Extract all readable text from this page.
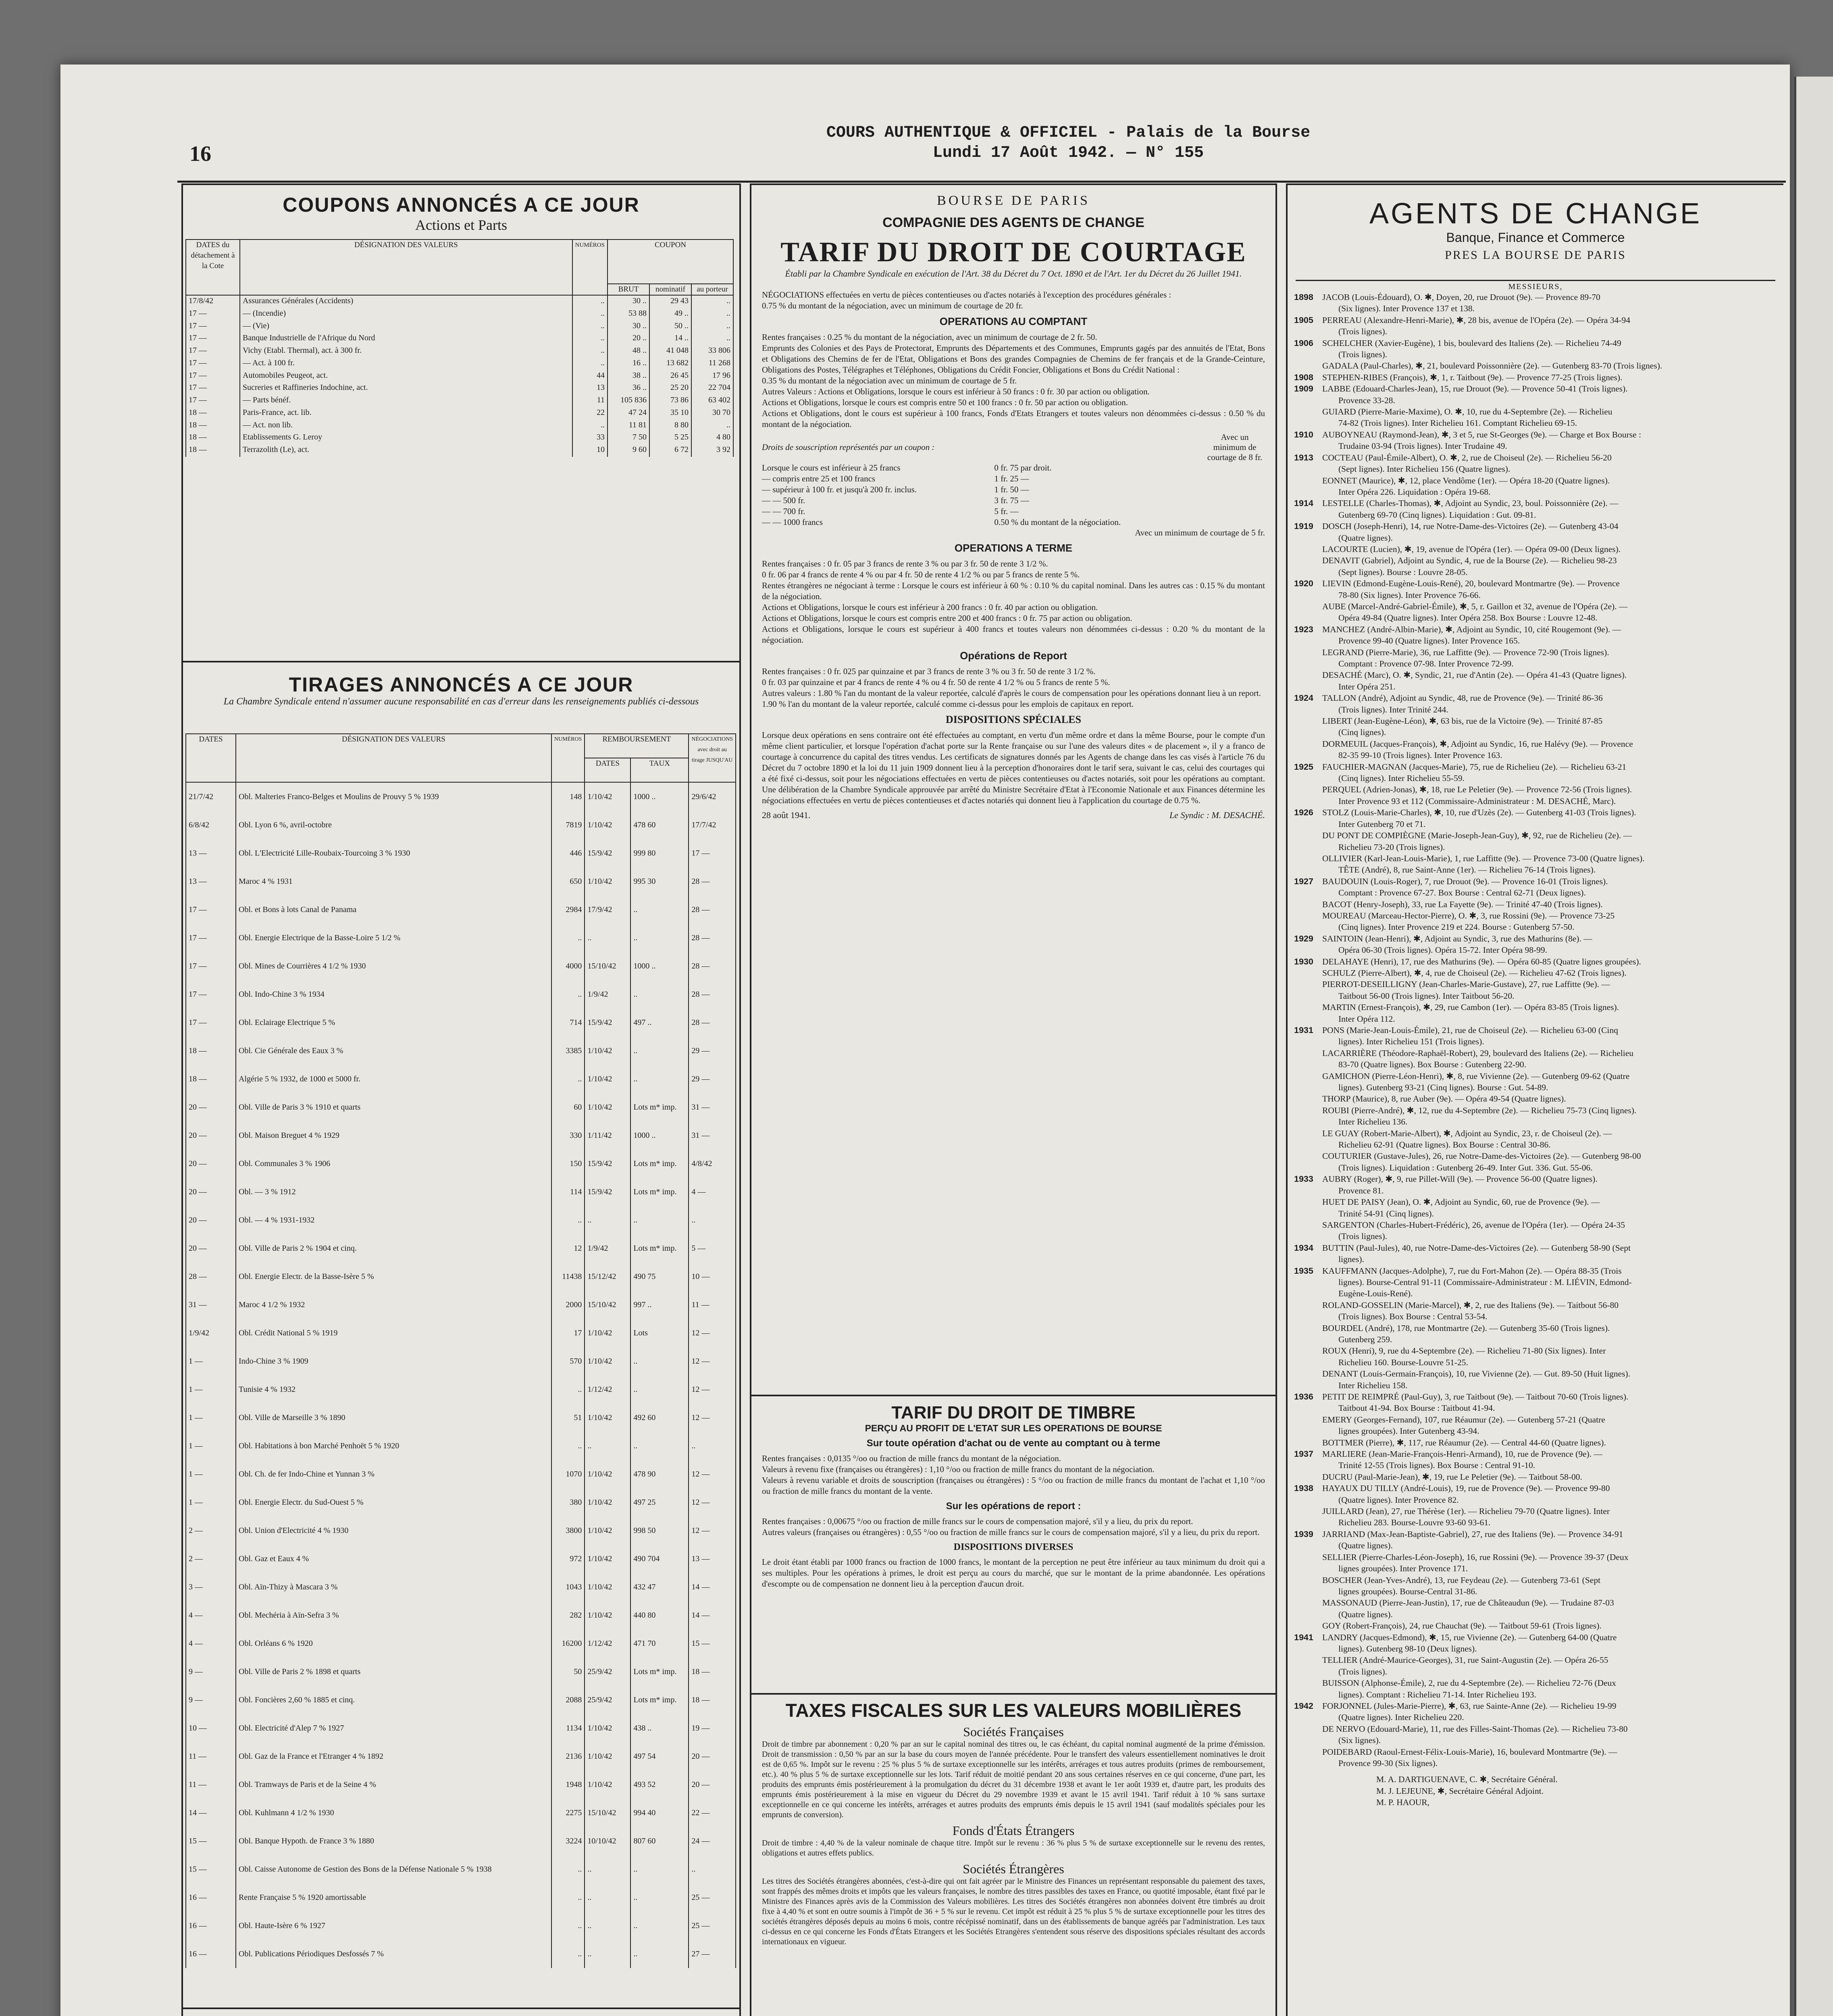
16
COURS AUTHENTIQUE & OFFICIEL - Palais de la Bourse
Lundi 17 Août 1942. — N° 155
COUPONS ANNONCÉS A CE JOUR
Actions et Parts
DATES du détachement à la Cote	DÉSIGNATION DES VALEURS	NUMÉROS	COUPON		
			BRUT	nominatif	au porteur
17/8/42	Assurances Générales (Accidents)	..	30 ..	29 43	..
17 —	— (Incendie)	..	53 88	49 ..	..
17 —	— (Vie)	..	30 ..	50 ..	..
17 —	Banque Industrielle de l'Afrique du Nord	..	20 ..	14 ..	..
17 —	Vichy (Etabl. Thermal), act. à 300 fr.	..	48 ..	41 048	33 806
17 —	— Act. à 100 fr.	..	16 ..	13 682	11 268
17 —	Automobiles Peugeot, act.	44	38 ..	26 45	17 96
17 —	Sucreries et Raffineries Indochine, act.	13	36 ..	25 20	22 704
17 —	— Parts bénéf.	11	105 836	73 86	63 402
18 —	Paris-France, act. lib.	22	47 24	35 10	30 70
18 —	— Act. non lib.	..	11 81	8 80	..
18 —	Etablissements G. Leroy	33	7 50	5 25	4 80
18 —	Terrazolith (Le), act.	10	9 60	6 72	3 92
TIRAGES ANNONCÉS A CE JOUR
La Chambre Syndicale entend n'assumer aucune responsabilité en cas d'erreur dans les renseignements publiés ci-dessous
DATES	DÉSIGNATION DES VALEURS	NUMÉROS	REMBOURSEMENT		NÉGOCIATIONS avec droit au tirage JUSQU'AU
			DATES	TAUX	
21/7/42	Obl. Malteries Franco-Belges et Moulins de Prouvy 5 % 1939	148	1/10/42	1000 ..	29/6/42
6/8/42	Obl. Lyon 6 %, avril-octobre	7819	1/10/42	478 60	17/7/42
13 —	Obl. L'Electricité Lille-Roubaix-Tourcoing 3 % 1930	446	15/9/42	999 80	17 —
13 —	Maroc 4 % 1931	650	1/10/42	995 30	28 —
17 —	Obl. et Bons à lots Canal de Panama	2984	17/9/42	..	28 —
17 —	Obl. Energie Electrique de la Basse-Loire 5 1/2 %	..	..	..	28 —
17 —	Obl. Mines de Courrières 4 1/2 % 1930	4000	15/10/42	1000 ..	28 —
17 —	Obl. Indo-Chine 3 % 1934	..	1/9/42	..	28 —
17 —	Obl. Eclairage Electrique 5 %	714	15/9/42	497 ..	28 —
18 —	Obl. Cie Générale des Eaux 3 %	3385	1/10/42	..	29 —
18 —	Algérie 5 % 1932, de 1000 et 5000 fr.	..	1/10/42	..	29 —
20 —	Obl. Ville de Paris 3 % 1910 et quarts	60	1/10/42	Lots m* imp.	31 —
20 —	Obl. Maison Breguet 4 % 1929	330	1/11/42	1000 ..	31 —
20 —	Obl. Communales 3 % 1906	150	15/9/42	Lots m* imp.	4/8/42
20 —	Obl. — 3 % 1912	114	15/9/42	Lots m* imp.	4 —
20 —	Obl. — 4 % 1931-1932	..	..	..	..
20 —	Obl. Ville de Paris 2 % 1904 et cinq.	12	1/9/42	Lots m* imp.	5 —
28 —	Obl. Energie Electr. de la Basse-Isère 5 %	11438	15/12/42	490 75	10 —
31 —	Maroc 4 1/2 % 1932	2000	15/10/42	997 ..	11 —
1/9/42	Obl. Crédit National 5 % 1919	17	1/10/42	Lots	12 —
1 —	Indo-Chine 3 % 1909	570	1/10/42	..	12 —
1 —	Tunisie 4 % 1932	..	1/12/42	..	12 —
1 —	Obl. Ville de Marseille 3 % 1890	51	1/10/42	492 60	12 —
1 —	Obl. Habitations à bon Marché Penhoët 5 % 1920	..	..	..	..
1 —	Obl. Ch. de fer Indo-Chine et Yunnan 3 %	1070	1/10/42	478 90	12 —
1 —	Obl. Energie Electr. du Sud-Ouest 5 %	380	1/10/42	497 25	12 —
2 —	Obl. Union d'Electricité 4 % 1930	3800	1/10/42	998 50	12 —
2 —	Obl. Gaz et Eaux 4 %	972	1/10/42	490 704	13 —
3 —	Obl. Aïn-Thizy à Mascara 3 %	1043	1/10/42	432 47	14 —
4 —	Obl. Mechéria à Aïn-Sefra 3 %	282	1/10/42	440 80	14 —
4 —	Obl. Orléans 6 % 1920	16200	1/12/42	471 70	15 —
9 —	Obl. Ville de Paris 2 % 1898 et quarts	50	25/9/42	Lots m* imp.	18 —
9 —	Obl. Foncières 2,60 % 1885 et cinq.	2088	25/9/42	Lots m* imp.	18 —
10 —	Obl. Electricité d'Alep 7 % 1927	1134	1/10/42	438 ..	19 —
11 —	Obl. Gaz de la France et l'Etranger 4 % 1892	2136	1/10/42	497 54	20 —
11 —	Obl. Tramways de Paris et de la Seine 4 %	1948	1/10/42	493 52	20 —
14 —	Obl. Kuhlmann 4 1/2 % 1930	2275	15/10/42	994 40	22 —
15 —	Obl. Banque Hypoth. de France 3 % 1880	3224	10/10/42	807 60	24 —
15 —	Obl. Caisse Autonome de Gestion des Bons de la Défense Nationale 5 % 1938	..	..	..	..
16 —	Rente Française 5 % 1920 amortissable	..	..	..	25 —
16 —	Obl. Haute-Isère 6 % 1927	..	..	..	25 —
16 —	Obl. Publications Périodiques Desfossés 7 %	..	..	..	27 —
BOURSE DE PARIS
COMPAGNIE DES AGENTS DE CHANGE
TARIF DU DROIT DE COURTAGE
Établi par la Chambre Syndicale en exécution de l'Art. 38 du Décret du 7 Oct. 1890 et de l'Art. 1er du Décret du 26 Juillet 1941.
NÉGOCIATIONS effectuées en vertu de pièces contentieuses ou d'actes notariés à l'exception des procédures générales :
0.75 % du montant de la négociation, avec un minimum de courtage de 20 fr.
OPERATIONS AU COMPTANT
Rentes françaises : 0.25 % du montant de la négociation, avec un minimum de courtage de 2 fr. 50.
Emprunts des Colonies et des Pays de Protectorat, Emprunts des Départements et des Communes, Emprunts gagés par des annuités de l'Etat, Bons et Obligations des Chemins de fer de l'Etat, Obligations et Bons des grandes Compagnies de Chemins de fer français et de la Grande-Ceinture, Obligations des Postes, Télégraphes et Téléphones, Obligations du Crédit Foncier, Obligations et Bons du Crédit National :
0.35 % du montant de la négociation avec un minimum de courtage de 5 fr.
Autres Valeurs : Actions et Obligations, lorsque le cours est inférieur à 50 francs : 0 fr. 30 par action ou obligation.
Actions et Obligations, lorsque le cours est compris entre 50 et 100 francs : 0 fr. 50 par action ou obligation.
Actions et Obligations, dont le cours est supérieur à 100 francs, Fonds d'Etats Etrangers et toutes valeurs non dénommées ci-dessus : 0.50 % du montant de la négociation.
Droits de souscription représentés par un coupon :
Avec un minimum de courtage de 8 fr.
Lorsque le cours est inférieur à 25 francs	0 fr. 75 par droit.
— compris entre 25 et 100 francs	1 fr. 25 —
— supérieur à 100 fr. et jusqu'à 200 fr. inclus.	1 fr. 50 —
— — 500 fr.	3 fr. 75 —
— — 700 fr.	5 fr. —
— — 1000 francs	0.50 % du montant de la négociation.
Avec un minimum de courtage de 5 fr.
OPERATIONS A TERME
Rentes françaises : 0 fr. 05 par 3 francs de rente 3 % ou par 3 fr. 50 de rente 3 1/2 %.
0 fr. 06 par 4 francs de rente 4 % ou par 4 fr. 50 de rente 4 1/2 % ou par 5 francs de rente 5 %.
Rentes étrangères ne négociant à terme : Lorsque le cours est inférieur à 60 % : 0.10 % du capital nominal. Dans les autres cas : 0.15 % du montant de la négociation.
Actions et Obligations, lorsque le cours est inférieur à 200 francs : 0 fr. 40 par action ou obligation.
Actions et Obligations, lorsque le cours est compris entre 200 et 400 francs : 0 fr. 75 par action ou obligation.
Actions et Obligations, lorsque le cours est supérieur à 400 francs et toutes valeurs non dénommées ci-dessus : 0.20 % du montant de la négociation.
Opérations de Report
Rentes françaises : 0 fr. 025 par quinzaine et par 3 francs de rente 3 % ou 3 fr. 50 de rente 3 1/2 %.
0 fr. 03 par quinzaine et par 4 francs de rente 4 % ou 4 fr. 50 de rente 4 1/2 % ou 5 francs de rente 5 %.
Autres valeurs : 1.80 % l'an du montant de la valeur reportée, calculé d'après le cours de compensation pour les opérations donnant lieu à un report.
1.90 % l'an du montant de la valeur reportée, calculé comme ci-dessus pour les emplois de capitaux en report.
DISPOSITIONS SPÉCIALES
Lorsque deux opérations en sens contraire ont été effectuées au comptant, en vertu d'un même ordre et dans la même Bourse, pour le compte d'un même client particulier, et lorsque l'opération d'achat porte sur la Rente française ou sur l'une des valeurs dites « de placement », il y a franco de courtage à concurrence du capital des titres vendus. Les certificats de signatures donnés par les Agents de change dans les cas visés à l'article 76 du Décret du 7 octobre 1890 et la loi du 11 juin 1909 donnent lieu à la perception d'honoraires dont le tarif sera, suivant le cas, celui des courtages qui a été fixé ci-dessus, soit pour les négociations effectuées en vertu de pièces contentieuses ou d'actes notariés, soit pour les opérations au comptant. Une délibération de la Chambre Syndicale approuvée par arrêté du Ministre Secrétaire d'Etat à l'Economie Nationale et aux Finances détermine les négociations effectuées en vertu de pièces contentieuses et d'actes notariés qui donnent lieu à l'application du courtage de 0.75 %.
28 août 1941.	Le Syndic : M. DESACHÉ.
TARIF DU DROIT DE TIMBRE
PERÇU AU PROFIT DE L'ETAT SUR LES OPERATIONS DE BOURSE
Sur toute opération d'achat ou de vente au comptant ou à terme
Rentes françaises : 0,0135 °/oo ou fraction de mille francs du montant de la négociation.
Valeurs à revenu fixe (françaises ou étrangères) : 1,10 °/oo ou fraction de mille francs du montant de la négociation.
Valeurs à revenu variable et droits de souscription (françaises ou étrangères) : 5 °/oo ou fraction de mille francs du montant de l'achat et 1,10 °/oo ou fraction de mille francs du montant de la vente.
Sur les opérations de report :
Rentes françaises : 0,00675 °/oo ou fraction de mille francs sur le cours de compensation majoré, s'il y a lieu, du prix du report.
Autres valeurs (françaises ou étrangères) : 0,55 °/oo ou fraction de mille francs sur le cours de compensation majoré, s'il y a lieu, du prix du report.
DISPOSITIONS DIVERSES
Le droit étant établi par 1000 francs ou fraction de 1000 francs, le montant de la perception ne peut être inférieur au taux minimum du droit qui a ses multiples. Pour les opérations à primes, le droit est perçu au cours du marché, que sur le montant de la prime abandonnée. Les opérations d'escompte ou de compensation ne donnent lieu à la perception d'aucun droit.
TAXES FISCALES SUR LES VALEURS MOBILIÈRES
Sociétés Françaises
Droit de timbre par abonnement : 0,20 % par an sur le capital nominal des titres ou, le cas échéant, du capital nominal augmenté de la prime d'émission. Droit de transmission : 0,50 % par an sur la base du cours moyen de l'année précédente. Pour le transfert des valeurs essentiellement nominatives le droit est de 0,65 %. Impôt sur le revenu : 25 % plus 5 % de surtaxe exceptionnelle sur les intérêts, arrérages et tous autres produits (primes de remboursement, etc.). 40 % plus 5 % de surtaxe exceptionnelle sur les lots. Tarif réduit de moitié pendant 20 ans sous certaines réserves en ce qui concerne, d'une part, les produits des emprunts émis postérieurement à la promulgation du décret du 31 décembre 1938 et avant le 1er août 1939 et, d'autre part, les produits des emprunts émis postérieurement à la mise en vigueur du Décret du 29 novembre 1939 et avant le 15 avril 1941. Tarif réduit à 10 % sans surtaxe exceptionnelle en ce qui concerne les intérêts, arrérages et autres produits des emprunts émis depuis le 15 avril 1941 (sauf modalités spéciales pour les emprunts de conversion).
Fonds d'États Étrangers
Droit de timbre : 4,40 % de la valeur nominale de chaque titre. Impôt sur le revenu : 36 % plus 5 % de surtaxe exceptionnelle sur le revenu des rentes, obligations et autres effets publics.
Sociétés Étrangères
Les titres des Sociétés étrangères abonnées, c'est-à-dire qui ont fait agréer par le Ministre des Finances un représentant responsable du paiement des taxes, sont frappés des mêmes droits et impôts que les valeurs françaises, le nombre des titres passibles des taxes en France, ou quotité imposable, étant fixé par le Ministre des Finances après avis de la Commission des Valeurs mobilières. Les titres des Sociétés étrangères non abonnées doivent être timbrés au droit fixe à 4,40 % et sont en outre soumis à l'impôt de 36 + 5 % sur le revenu. Cet impôt est réduit à 25 % plus 5 % de surtaxe exceptionnelle pour les titres des sociétés étrangères déposés depuis au moins 6 mois, contre récépissé nominatif, dans un des établissements de banque agréés par l'administration. Les taux ci-dessus en ce qui concerne les Fonds d'États Etrangers et les Sociétés Etrangères s'entendent sous réserve des dispositions spéciales résultant des accords internationaux en vigueur.
AGENTS DE CHANGE
Banque, Finance et Commerce
PRES LA BOURSE DE PARIS
MESSIEURS,
1898 JACOB (Louis-Édouard), O. ✱, Doyen, 20, rue Drouot (9e). — Provence 89-70
(Six lignes). Inter Provence 137 et 138.
1905 PERREAU (Alexandre-Henri-Marie), ✱, 28 bis, avenue de l'Opéra (2e). — Opéra 34-94
(Trois lignes).
1906 SCHELCHER (Xavier-Eugène), 1 bis, boulevard des Italiens (2e). — Richelieu 74-49
(Trois lignes).
GADALA (Paul-Charles), ✱, 21, boulevard Poissonnière (2e). — Gutenberg 83-70 (Trois lignes).
1908 STEPHEN-RIBES (François), ✱, 1, r. Taitbout (9e). — Provence 77-25 (Trois lignes).
1909 LABBE (Edouard-Charles-Jean), 15, rue Drouot (9e). — Provence 50-41 (Trois lignes).
Provence 33-28.
GUIARD (Pierre-Marie-Maxime), O. ✱, 10, rue du 4-Septembre (2e). — Richelieu
74-82 (Trois lignes). Inter Richelieu 161. Comptant Richelieu 69-15.
1910 AUBOYNEAU (Raymond-Jean), ✱, 3 et 5, rue St-Georges (9e). — Charge et Box Bourse :
Trudaine 03-94 (Trois lignes). Inter Trudaine 49.
1913 COCTEAU (Paul-Émile-Albert), O. ✱, 2, rue de Choiseul (2e). — Richelieu 56-20
(Sept lignes). Inter Richelieu 156 (Quatre lignes).
EONNET (Maurice), ✱, 12, place Vendôme (1er). — Opéra 18-20 (Quatre lignes).
Inter Opéra 226. Liquidation : Opéra 19-68.
1914 LESTELLE (Charles-Thomas), ✱, Adjoint au Syndic, 23, boul. Poissonnière (2e). —
Gutenberg 69-70 (Cinq lignes). Liquidation : Gut. 09-81.
1919 DOSCH (Joseph-Henri), 14, rue Notre-Dame-des-Victoires (2e). — Gutenberg 43-04
(Quatre lignes).
LACOURTE (Lucien), ✱, 19, avenue de l'Opéra (1er). — Opéra 09-00 (Deux lignes).
DENAVIT (Gabriel), Adjoint au Syndic, 4, rue de la Bourse (2e). — Richelieu 98-23
(Sept lignes). Bourse : Louvre 28-05.
1920 LIEVIN (Edmond-Eugène-Louis-René), 20, boulevard Montmartre (9e). — Provence
78-80 (Six lignes). Inter Provence 76-66.
AUBE (Marcel-André-Gabriel-Émile), ✱, 5, r. Gaillon et 32, avenue de l'Opéra (2e). —
Opéra 49-84 (Quatre lignes). Inter Opéra 258. Box Bourse : Louvre 12-48.
1923 MANCHEZ (André-Albin-Marie), ✱, Adjoint au Syndic, 10, cité Rougemont (9e). —
Provence 99-40 (Quatre lignes). Inter Provence 165.
LEGRAND (Pierre-Marie), 36, rue Laffitte (9e). — Provence 72-90 (Trois lignes).
Comptant : Provence 07-98. Inter Provence 72-99.
DESACHÉ (Marc), O. ✱, Syndic, 21, rue d'Antin (2e). — Opéra 41-43 (Quatre lignes).
Inter Opéra 251.
1924 TALLON (André), Adjoint au Syndic, 48, rue de Provence (9e). — Trinité 86-36
(Trois lignes). Inter Trinité 244.
LIBERT (Jean-Eugène-Léon), ✱, 63 bis, rue de la Victoire (9e). — Trinité 87-85
(Cinq lignes).
DORMEUIL (Jacques-François), ✱, Adjoint au Syndic, 16, rue Halévy (9e). — Provence
82-35 99-10 (Trois lignes). Inter Provence 163.
1925 FAUCHIER-MAGNAN (Jacques-Marie), 75, rue de Richelieu (2e). — Richelieu 63-21
(Cinq lignes). Inter Richelieu 55-59.
PERQUEL (Adrien-Jonas), ✱, 18, rue Le Peletier (9e). — Provence 72-56 (Trois lignes).
Inter Provence 93 et 112 (Commissaire-Administrateur : M. DESACHÉ, Marc).
1926 STOLZ (Louis-Marie-Charles), ✱, 10, rue d'Uzès (2e). — Gutenberg 41-03 (Trois lignes).
Inter Gutenberg 70 et 71.
DU PONT DE COMPIÈGNE (Marie-Joseph-Jean-Guy), ✱, 92, rue de Richelieu (2e). —
Richelieu 73-20 (Trois lignes).
OLLIVIER (Karl-Jean-Louis-Marie), 1, rue Laffitte (9e). — Provence 73-00 (Quatre lignes).
TÊTE (André), 8, rue Saint-Anne (1er). — Richelieu 76-14 (Trois lignes).
1927 BAUDOUIN (Louis-Roger), 7, rue Drouot (9e). — Provence 16-01 (Trois lignes).
Comptant : Provence 67-27. Box Bourse : Central 62-71 (Deux lignes).
BACOT (Henry-Joseph), 33, rue La Fayette (9e). — Trinité 47-40 (Trois lignes).
MOUREAU (Marceau-Hector-Pierre), O. ✱, 3, rue Rossini (9e). — Provence 73-25
(Cinq lignes). Inter Provence 219 et 224. Bourse : Gutenberg 57-50.
1929 SAINTOIN (Jean-Henri), ✱, Adjoint au Syndic, 3, rue des Mathurins (8e). —
Opéra 06-30 (Trois lignes). Opéra 15-72. Inter Opéra 98-99.
1930 DELAHAYE (Henri), 17, rue des Mathurins (9e). — Opéra 60-85 (Quatre lignes groupées).
SCHULZ (Pierre-Albert), ✱, 4, rue de Choiseul (2e). — Richelieu 47-62 (Trois lignes).
PIERROT-DESEILLIGNY (Jean-Charles-Marie-Gustave), 27, rue Laffitte (9e). —
Taitbout 56-00 (Trois lignes). Inter Taitbout 56-20.
MARTIN (Ernest-François), ✱, 29, rue Cambon (1er). — Opéra 83-85 (Trois lignes).
Inter Opéra 112.
1931 PONS (Marie-Jean-Louis-Émile), 21, rue de Choiseul (2e). — Richelieu 63-00 (Cinq
lignes). Inter Richelieu 151 (Trois lignes).
LACARRIÈRE (Théodore-Raphaël-Robert), 29, boulevard des Italiens (2e). — Richelieu
83-70 (Quatre lignes). Box Bourse : Gutenberg 22-90.
GAMICHON (Pierre-Léon-Henri), ✱, 8, rue Vivienne (2e). — Gutenberg 09-62 (Quatre
lignes). Gutenberg 93-21 (Cinq lignes). Bourse : Gut. 54-89.
THORP (Maurice), 8, rue Auber (9e). — Opéra 49-54 (Quatre lignes).
ROUBI (Pierre-André), ✱, 12, rue du 4-Septembre (2e). — Richelieu 75-73 (Cinq lignes).
Inter Richelieu 136.
LE GUAY (Robert-Marie-Albert), ✱, Adjoint au Syndic, 23, r. de Choiseul (2e). —
Richelieu 62-91 (Quatre lignes). Box Bourse : Central 30-86.
COUTURIER (Gustave-Jules), 26, rue Notre-Dame-des-Victoires (2e). — Gutenberg 98-00
(Trois lignes). Liquidation : Gutenberg 26-49. Inter Gut. 336. Gut. 55-06.
1933 AUBRY (Roger), ✱, 9, rue Pillet-Will (9e). — Provence 56-00 (Quatre lignes).
Provence 81.
HUET DE PAISY (Jean), O. ✱, Adjoint au Syndic, 60, rue de Provence (9e). —
Trinité 54-91 (Cinq lignes).
SARGENTON (Charles-Hubert-Frédéric), 26, avenue de l'Opéra (1er). — Opéra 24-35
(Trois lignes).
1934 BUTTIN (Paul-Jules), 40, rue Notre-Dame-des-Victoires (2e). — Gutenberg 58-90 (Sept
lignes).
1935 KAUFFMANN (Jacques-Adolphe), 7, rue du Fort-Mahon (2e). — Opéra 88-35 (Trois
lignes). Bourse-Central 91-11 (Commissaire-Administrateur : M. LIÉVIN, Edmond-
Eugène-Louis-René).
ROLAND-GOSSELIN (Marie-Marcel), ✱, 2, rue des Italiens (9e). — Taitbout 56-80
(Trois lignes). Box Bourse : Central 53-54.
BOURDEL (André), 178, rue Montmartre (2e). — Gutenberg 35-60 (Trois lignes).
Gutenberg 259.
ROUX (Henri), 9, rue du 4-Septembre (2e). — Richelieu 71-80 (Six lignes). Inter
Richelieu 160. Bourse-Louvre 51-25.
DENANT (Louis-Germain-François), 10, rue Vivienne (2e). — Gut. 89-50 (Huit lignes).
Inter Richelieu 158.
1936 PETIT DE REIMPRÉ (Paul-Guy), 3, rue Taitbout (9e). — Taitbout 70-60 (Trois lignes).
Taitbout 41-94. Box Bourse : Taitbout 41-94.
EMERY (Georges-Fernand), 107, rue Réaumur (2e). — Gutenberg 57-21 (Quatre
lignes groupées). Inter Gutenberg 43-94.
BOTTMER (Pierre), ✱, 117, rue Réaumur (2e). — Central 44-60 (Quatre lignes).
1937 MARLIERE (Jean-Marie-François-Henri-Armand), 10, rue de Provence (9e). —
Trinité 12-55 (Trois lignes). Box Bourse : Central 91-10.
DUCRU (Paul-Marie-Jean), ✱, 19, rue Le Peletier (9e). — Taitbout 58-00.
1938 HAYAUX DU TILLY (André-Louis), 19, rue de Provence (9e). — Provence 99-80
(Quatre lignes). Inter Provence 82.
JUILLARD (Jean), 27, rue Thérèse (1er). — Richelieu 79-70 (Quatre lignes). Inter
Richelieu 283. Bourse-Louvre 93-60 93-61.
1939 JARRIAND (Max-Jean-Baptiste-Gabriel), 27, rue des Italiens (9e). — Provence 34-91
(Quatre lignes).
SELLIER (Pierre-Charles-Léon-Joseph), 16, rue Rossini (9e). — Provence 39-37 (Deux
lignes groupées). Inter Provence 171.
BOSCHER (Jean-Yves-André), 13, rue Feydeau (2e). — Gutenberg 73-61 (Sept
lignes groupées). Bourse-Central 31-86.
MASSONAUD (Pierre-Jean-Justin), 17, rue de Châteaudun (9e). — Trudaine 87-03
(Quatre lignes).
GOY (Robert-François), 24, rue Chauchat (9e). — Taitbout 59-61 (Trois lignes).
1941 LANDRY (Jacques-Edmond), ✱, 15, rue Vivienne (2e). — Gutenberg 64-00 (Quatre
lignes). Gutenberg 98-10 (Deux lignes).
TELLIER (André-Maurice-Georges), 31, rue Saint-Augustin (2e). — Opéra 26-55
(Trois lignes).
BUISSON (Alphonse-Émile), 2, rue du 4-Septembre (2e). — Richelieu 72-76 (Deux
lignes). Comptant : Richelieu 71-14. Inter Richelieu 193.
1942 FORJONNEL (Jules-Marie-Pierre), ✱, 63, rue Sainte-Anne (2e). — Richelieu 19-99
(Quatre lignes). Inter Richelieu 220.
DE NERVO (Edouard-Marie), 11, rue des Filles-Saint-Thomas (2e). — Richelieu 73-80
(Six lignes).
POIDEBARD (Raoul-Ernest-Félix-Louis-Marie), 16, boulevard Montmartre (9e). —
Provence 99-30 (Six lignes).
M. A. DARTIGUENAVE, C. ✱, Secrétaire Général.
M. J. LEJEUNE, ✱, Secrétaire Général Adjoint.
M. P. HAOUR,
